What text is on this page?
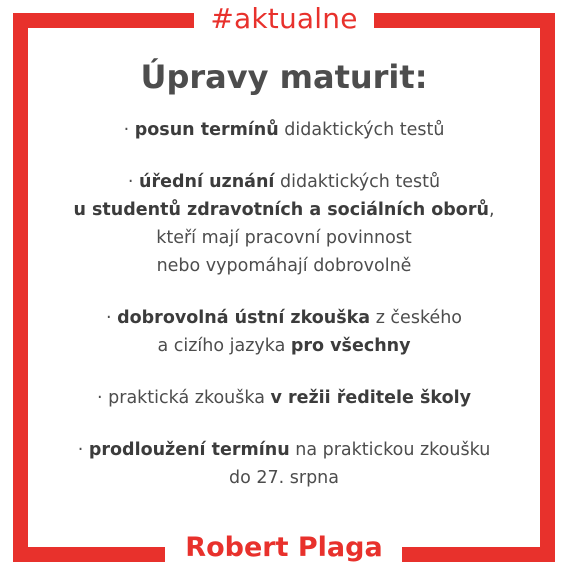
#aktualne
Úpravy maturit:

· posun termínů didaktických testů

· úřední uznání didaktických testů
u studentů zdravotních a sociálních oborů,
kteří mají pracovní povinnost
nebo vypomáhají dobrovolně

· dobrovolná ústní zkouška z českého
a cizího jazyka pro všechny

· praktická zkouška v režii ředitele školy

· prodloužení termínu na praktickou zkoušku
do 27. srpna

Robert Plaga
